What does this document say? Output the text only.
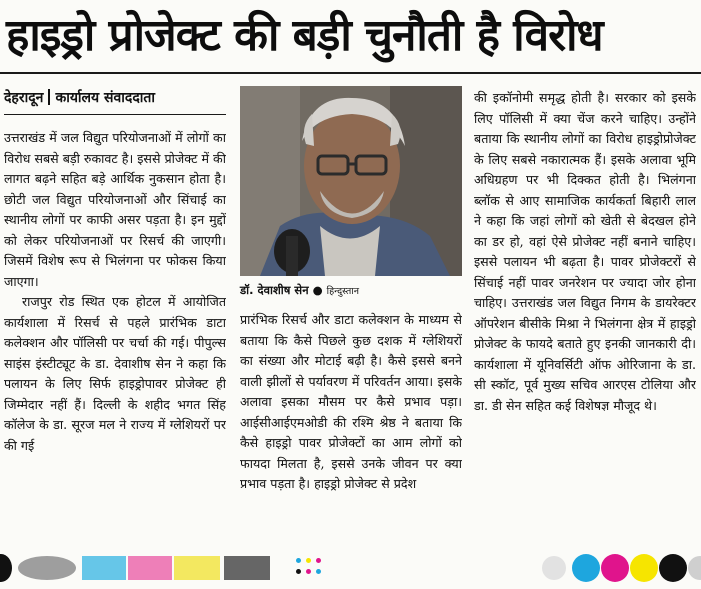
हाइड्रो प्रोजेक्ट की बड़ी चुनौती है विरोध
देहरादून कार्यालय संवाददाता

उत्तराखंड में जल विद्युत परियोजनाओं में लोगों का विरोध सबसे बड़ी रुकावट है। इससे प्रोजेक्ट में की लागत बढ़ने सहित बड़े आर्थिक नुकसान होता है। छोटी जल विद्युत परियोजनाओं और सिंचाई का स्थानीय लोगों पर काफी असर पड़ता है। इन मुद्दों को लेकर परियोजनाओं पर रिसर्च की जाएगी। जिसमें विशेष रूप से भिलंगना पर फोकस किया जाएगा।

राजपुर रोड स्थित एक होटल में आयोजित कार्यशाला में रिसर्च से पहले प्रारंभिक डाटा कलेक्शन और पॉलिसी पर चर्चा की गई। पीपुल्स साइंस इंस्टीट्यूट के डा. देवाशीष सेन ने कहा कि पलायन के लिए सिर्फ हाइड्रोपावर प्रोजेक्ट ही जिम्मेदार नहीं हैं। दिल्ली के शहीद भगत सिंह कॉलेज के डा. सूरज मल ने राज्य में ग्लेशियरों पर की गई

डॉ. देवाशीष सेन ● हिन्दुस्तान

प्रारंभिक रिसर्च और डाटा कलेक्शन के माध्यम से बताया कि कैसे पिछले कुछ दशक में ग्लेशियरों का संख्या और मोटाई बढ़ी है। कैसे इससे बनने वाली झीलों से पर्यावरण में परिवर्तन आया। इसके अलावा इसका मौसम पर कैसे प्रभाव पड़ा। आईसीआईएमओडी की रश्मि श्रेष्ठ ने बताया कि कैसे हाइड्रो पावर प्रोजेक्टों का आम लोगों को फायदा मिलता है, इससे उनके जीवन पर क्या प्रभाव पड़ता है। हाइड्रो प्रोजेक्ट से प्रदेश

की इकॉनोमी समृद्ध होती है। सरकार को इसके लिए पॉलिसी में क्या चेंज करने चाहिए। उन्होंने बताया कि स्थानीय लोगों का विरोध हाइड्रोप्रोजेक्ट के लिए सबसे नकारात्मक हैं। इसके अलावा भूमि अधिग्रहण पर भी दिक्कत होती है। भिलंगना ब्लॉक से आए सामाजिक कार्यकर्ता बिहारी लाल ने कहा कि जहां लोगों को खेती से बेदखल होने का डर हो, वहां ऐसे प्रोजेक्ट नहीं बनाने चाहिए। इससे पलायन भी बढ़ता है। पावर प्रोजेक्टरों से सिंचाई नहीं पावर जनरेशन पर ज्यादा जोर होना चाहिए। उत्तराखंड जल विद्युत निगम के डायरेक्टर ऑपरेशन बीसीके मिश्रा ने भिलंगना क्षेत्र में हाइड्रो प्रोजेक्ट के फायदे बताते हुए इनकी जानकारी दी। कार्यशाला में यूनिवर्सिटी ऑफ ओरिजाना के डा. सी स्कॉट, पूर्व मुख्य सचिव आरएस टोलिया और डा. डी सेन सहित कई विशेषज्ञ मौजूद थे।
